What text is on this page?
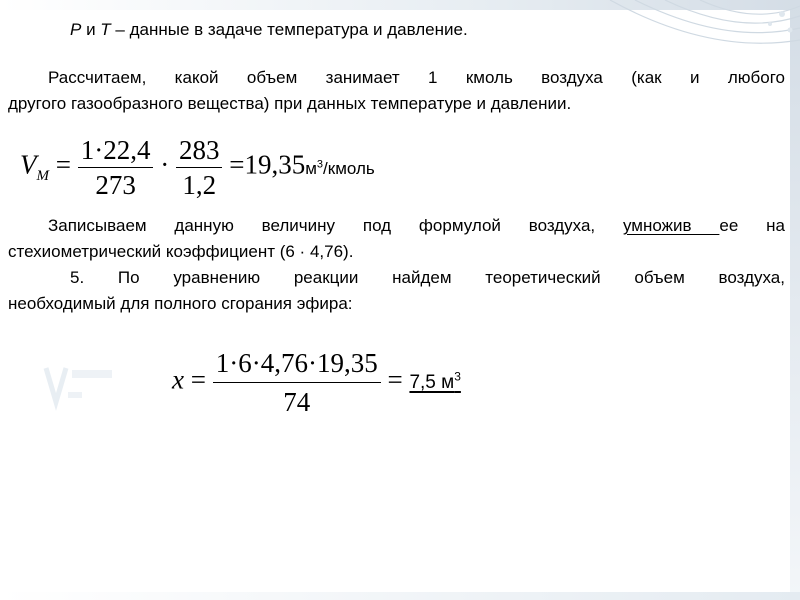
P и T – данные в задаче температура и давление.

Рассчитаем, какой объем занимает 1 кмоль воздуха (как и любого

другого газообразного вещества) при данных температуре и давлении.

$V_M = \frac{1\cdot 22,4}{273} \cdot \frac{283}{1,2}$ $=19,35м^3$/кмоль

Записываем данную величину под формулой воздуха, умножив ее на

стехиометрический коэффициент (6 · 4,76).

5. По уравнению реакции найдем теоретический объем воздуха,

необходимый для полного сгорания эфира:

$x = \frac{1\cdot 6\cdot 4,76\cdot 19,35}{74} = 7,5$ $м^3$
